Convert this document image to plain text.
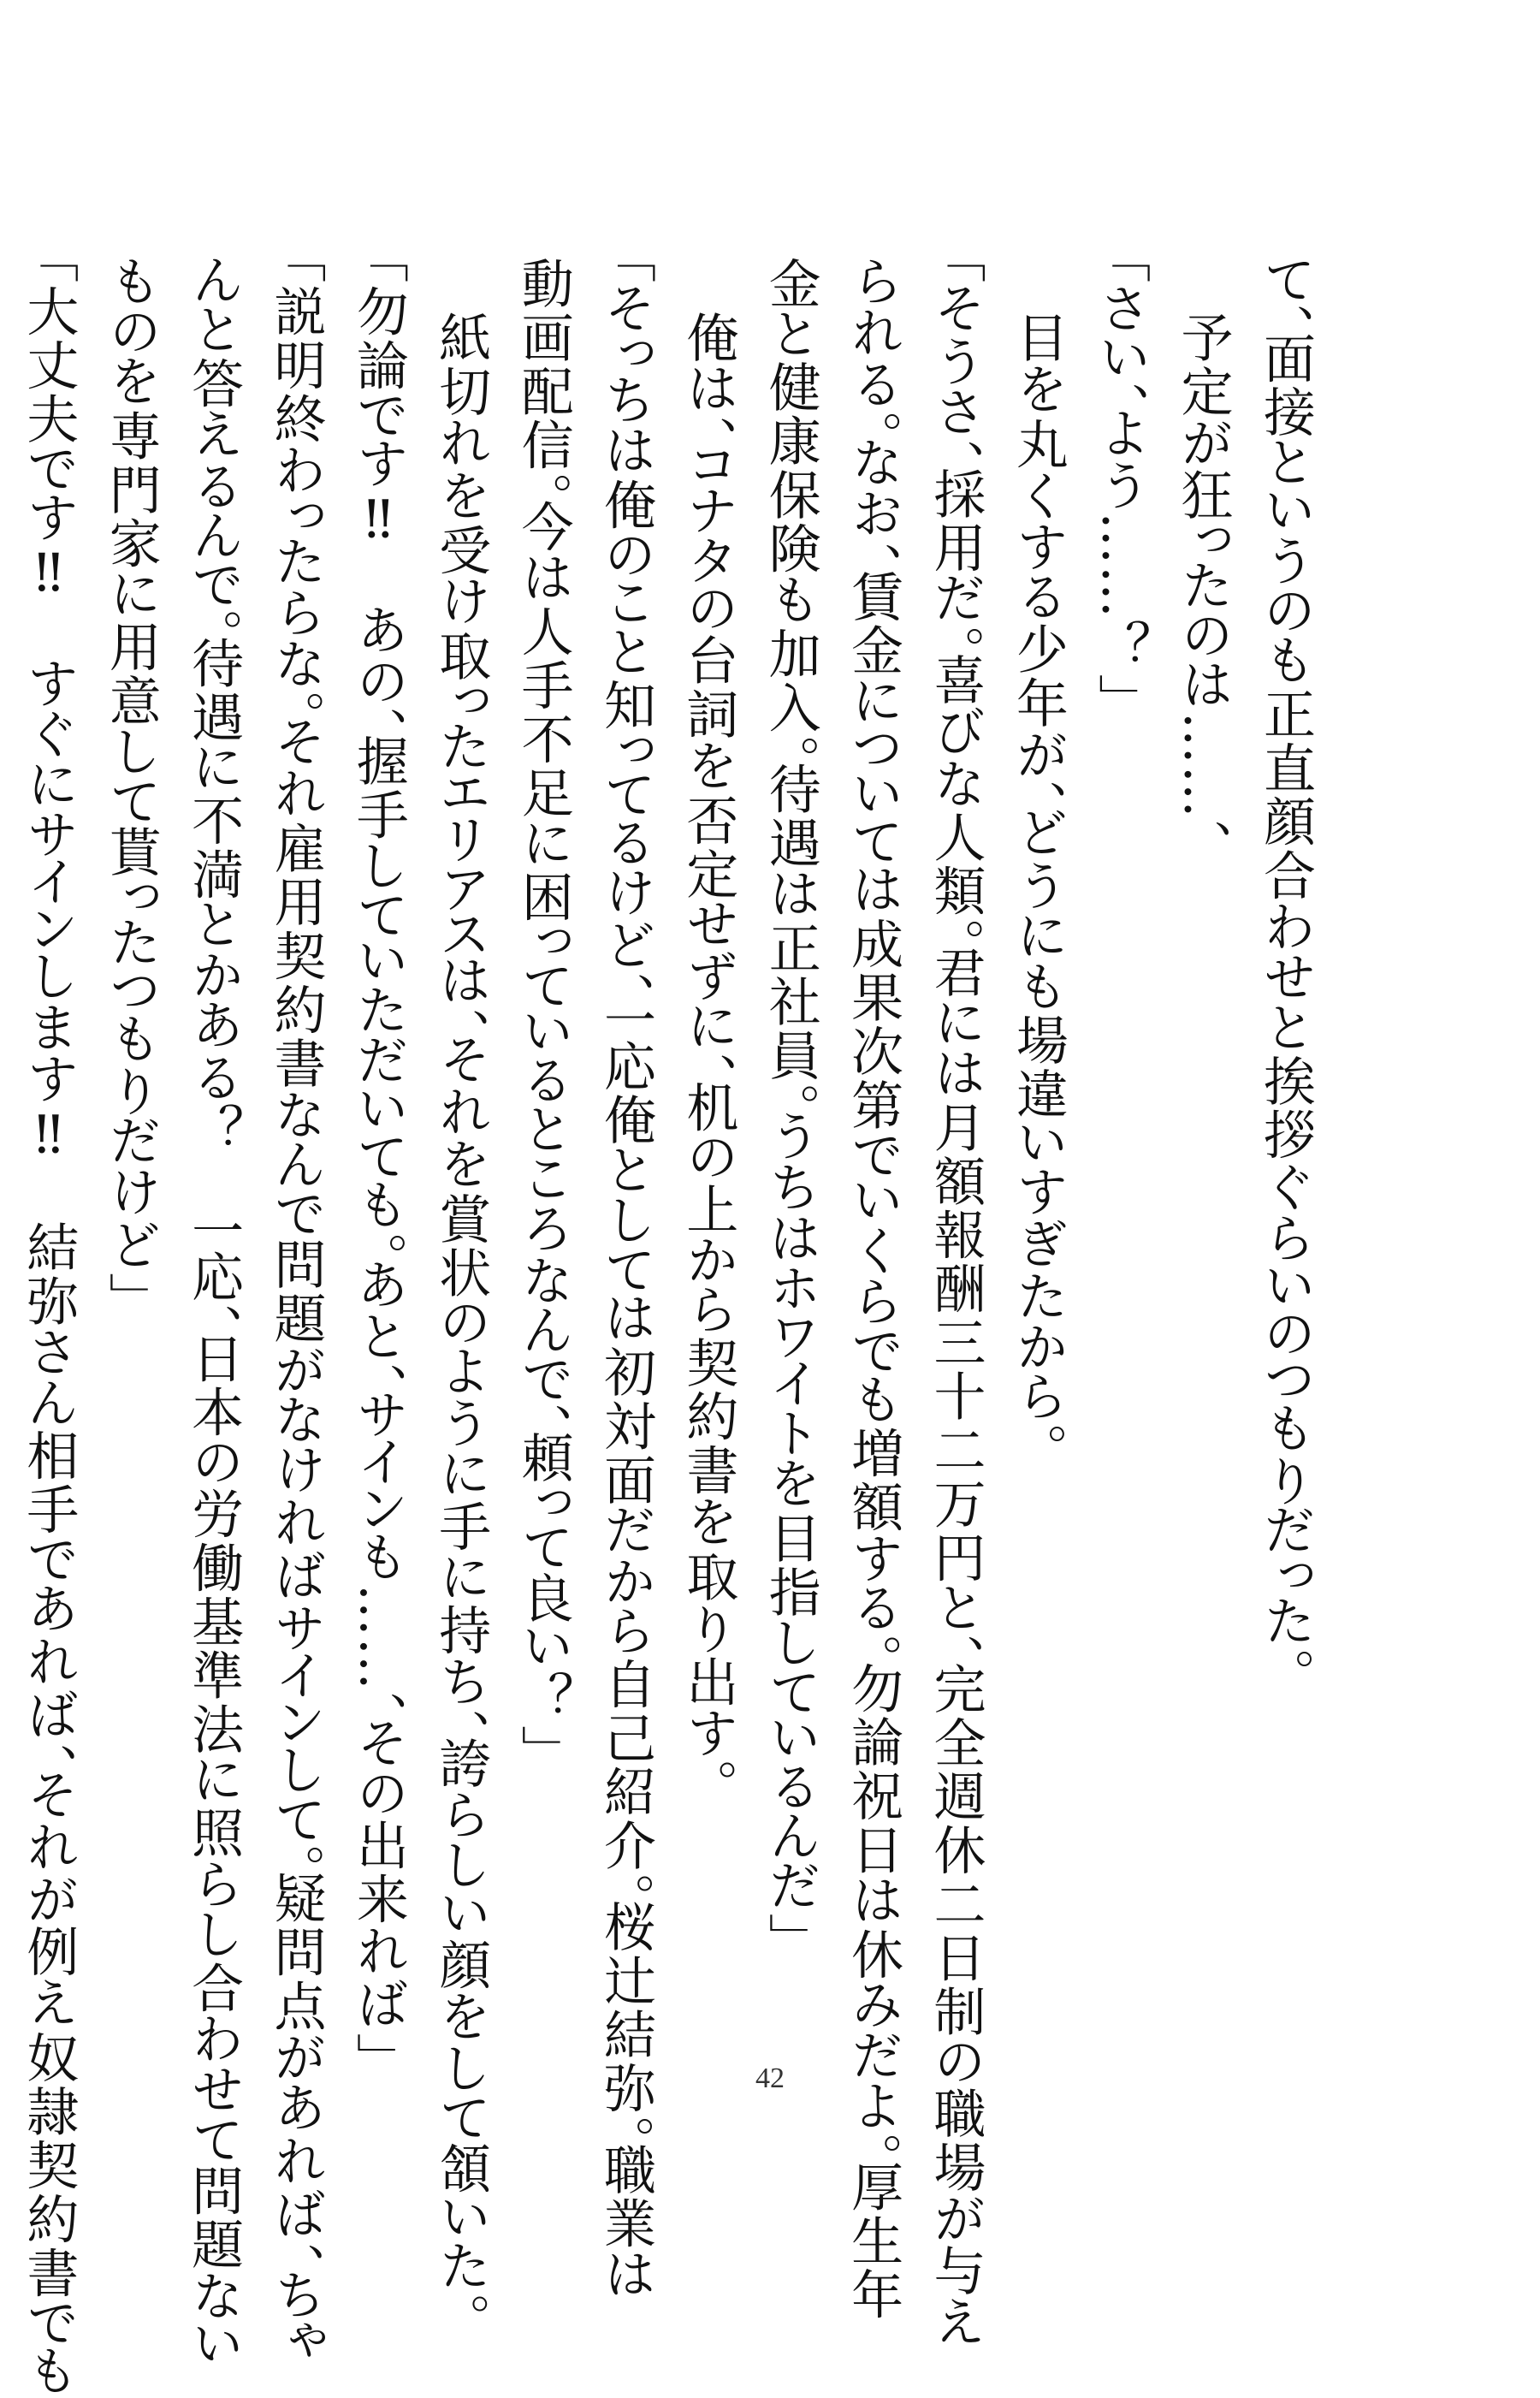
て、面接というのも正直顔合わせと挨拶ぐらいのつもりだった。
　予定が狂ったのは……、
「さい、よう……？」
　目を丸くする少年が、どうにも場違いすぎたから。
「そうさ、採用だ。喜びな人類。君には月額報酬三十二万円と、完全週休二日制の職場が与え
られる。なお、賃金については成果次第でいくらでも増額する。勿論祝日は休みだよ。厚生年
金と健康保険も加入。待遇は正社員。うちはホワイトを目指しているんだ」
　俺は、コナタの台詞を否定せずに、机の上から契約書を取り出す。
「そっちは俺のこと知ってるけど、一応俺としては初対面だから自己紹介。桜辻結弥。職業は
動画配信。今は人手不足に困っているところなんで、頼って良い？」
　紙切れを受け取ったエリアスは、それを賞状のように手に持ち、誇らしい顔をして頷いた。
「勿論です‼　あの、握手していただいても。あと、サインも……、その出来れば」
「説明終わったらな。それ雇用契約書なんで問題がなければサインして。疑問点があれば、ちゃ
んと答えるんで。待遇に不満とかある？　一応、日本の労働基準法に照らし合わせて問題ない
ものを専門家に用意して貰ったつもりだけど」
「大丈夫です‼　すぐにサインします‼　結弥さん相手であれば、それが例え奴隷契約書でも	42
